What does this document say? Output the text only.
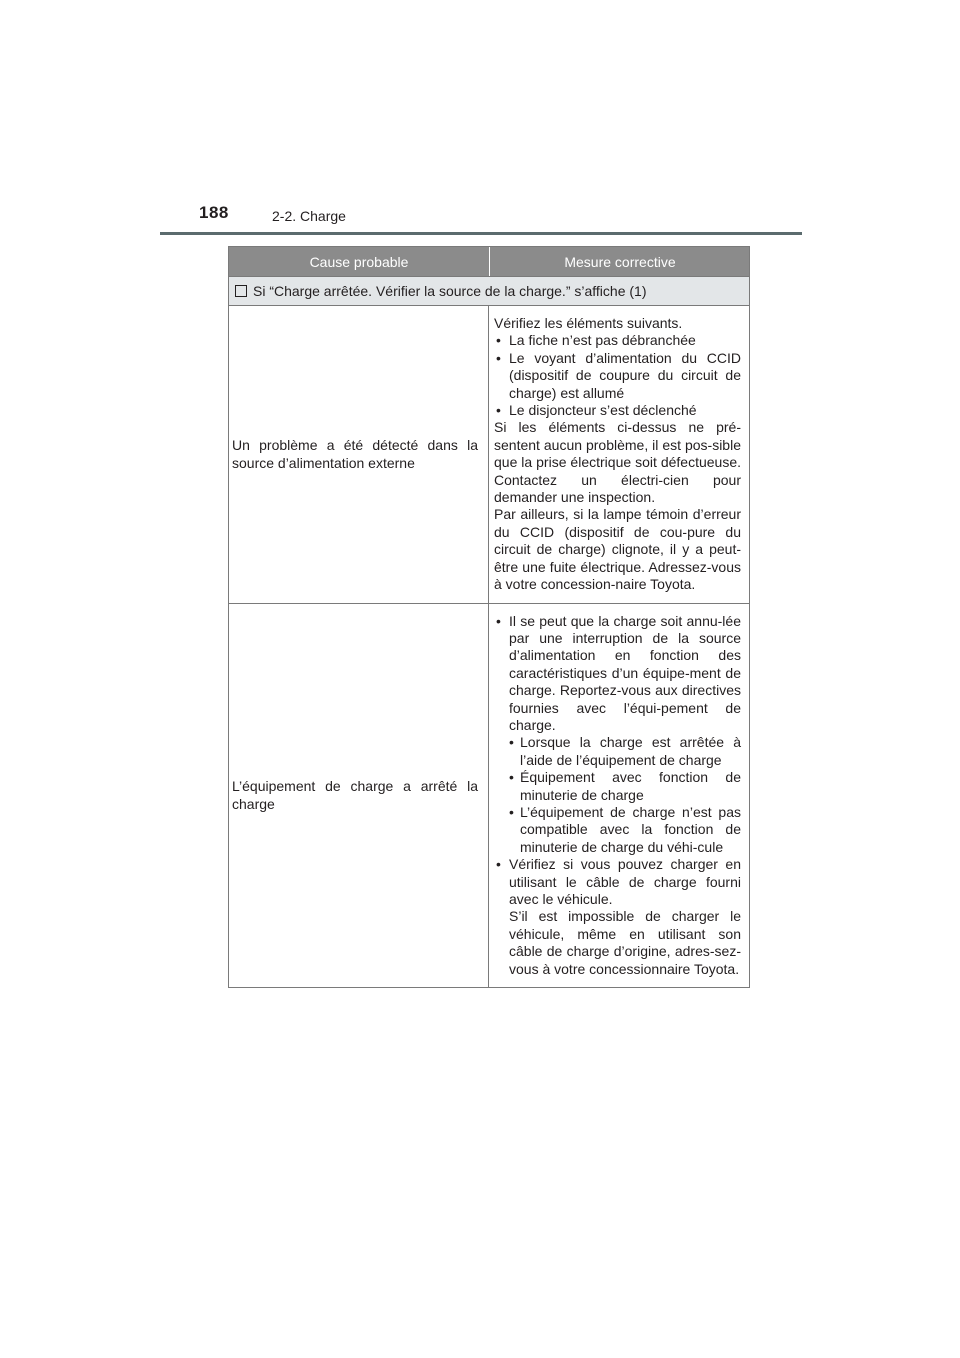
188	2-2. Charge
Cause probable	Mesure corrective
Si “Charge arrêtée. Vérifier la source de la charge.” s’affiche (1)
Un problème a été détecté dans la source d’alimentation externe

Vérifiez les éléments suivants.

• La fiche n’est pas débranchée
• Le voyant d’alimentation du CCID (dispositif de coupure du circuit de charge) est allumé
• Le disjoncteur s’est déclenché

Si les éléments ci-dessus ne pré-sentent aucun problème, il est pos-sible que la prise électrique soit défectueuse. Contactez un électri-cien pour demander une inspection.

Par ailleurs, si la lampe témoin d’erreur du CCID (dispositif de cou-pure du circuit de charge) clignote, il y a peut-être une fuite électrique. Adressez-vous à votre concession-naire Toyota.

L’équipement de charge a arrêté la charge
• Il se peut que la charge soit annu-lée par une interruption de la source d’alimentation en fonction des caractéristiques d’un équipe-ment de charge. Reportez-vous aux directives fournies avec l’équi-pement de charge.
• Lorsque la charge est arrêtée à l’aide de l’équipement de charge
• Équipement avec fonction de minuterie de charge
• L’équipement de charge n’est pas compatible avec la fonction de minuterie de charge du véhi-cule
• Vérifiez si vous pouvez charger en utilisant le câble de charge fourni avec le véhicule.

S’il est impossible de charger le véhicule, même en utilisant son câble de charge d’origine, adres-sez-vous à votre concessionnaire Toyota.
